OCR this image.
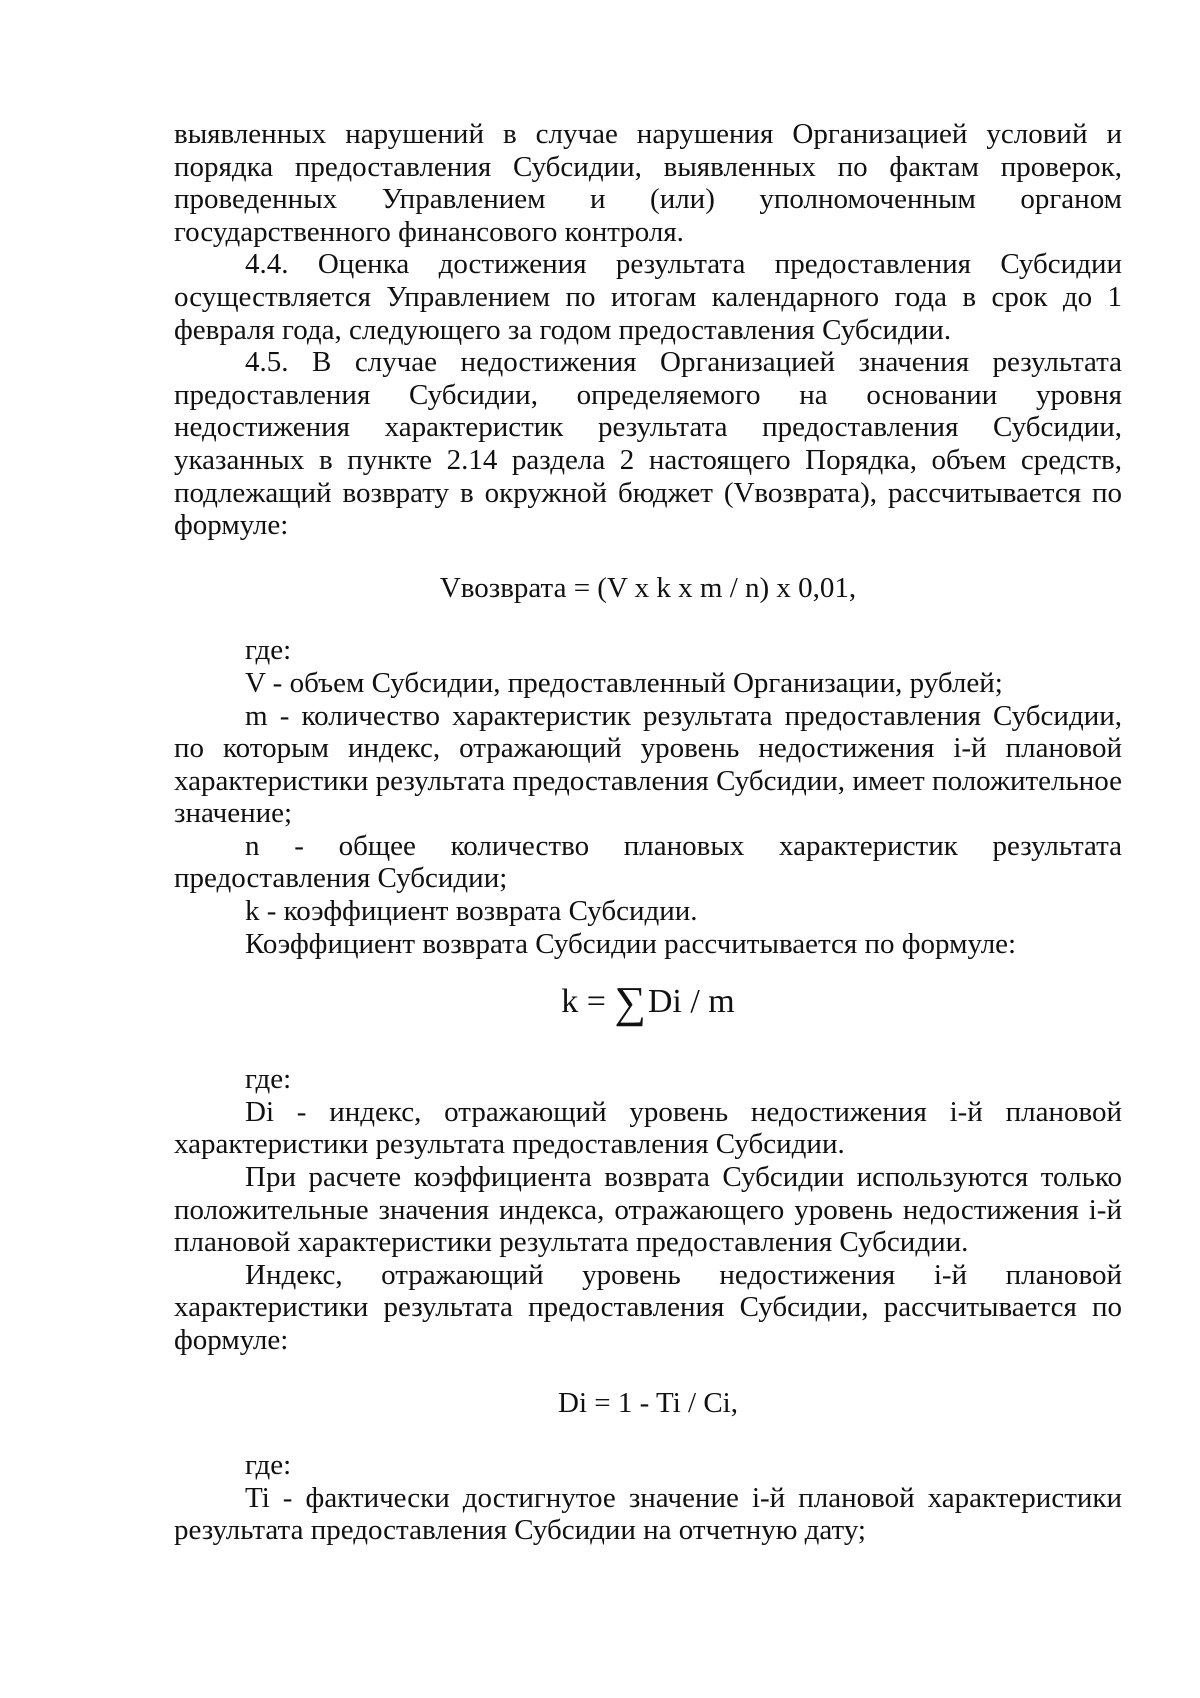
выявленных нарушений в случае нарушения Организацией условий и порядка предоставления Субсидии, выявленных по фактам проверок, проведенных Управлением и (или) уполномоченным органом государственного финансового контроля.

4.4. Оценка достижения результата предоставления Субсидии осуществляется Управлением по итогам календарного года в срок до 1 февраля года, следующего за годом предоставления Субсидии.

4.5. В случае недостижения Организацией значения результата предоставления Субсидии, определяемого на основании уровня недостижения характеристик результата предоставления Субсидии, указанных в пункте 2.14 раздела 2 настоящего Порядка, объем средств, подлежащий возврату в окружной бюджет (Vвозврата), рассчитывается по формуле:

Vвозврата = (V x k x m / n) x 0,01,

где:

V - объем Субсидии, предоставленный Организации, рублей;

m - количество характеристик результата предоставления Субсидии, по которым индекс, отражающий уровень недостижения i-й плановой характеристики результата предоставления Субсидии, имеет положительное значение;

n - общее количество плановых характеристик результата предоставления Субсидии;

k - коэффициент возврата Субсидии.

Коэффициент возврата Субсидии рассчитывается по формуле:

k = ∑Di / m

где:

Di - индекс, отражающий уровень недостижения i-й плановой характеристики результата предоставления Субсидии.

При расчете коэффициента возврата Субсидии используются только положительные значения индекса, отражающего уровень недостижения i-й плановой характеристики результата предоставления Субсидии.

Индекс, отражающий уровень недостижения i-й плановой характеристики результата предоставления Субсидии, рассчитывается по формуле:

Di = 1 - Ti / Ci,

где:

Ti - фактически достигнутое значение i-й плановой характеристики результата предоставления Субсидии на отчетную дату;
